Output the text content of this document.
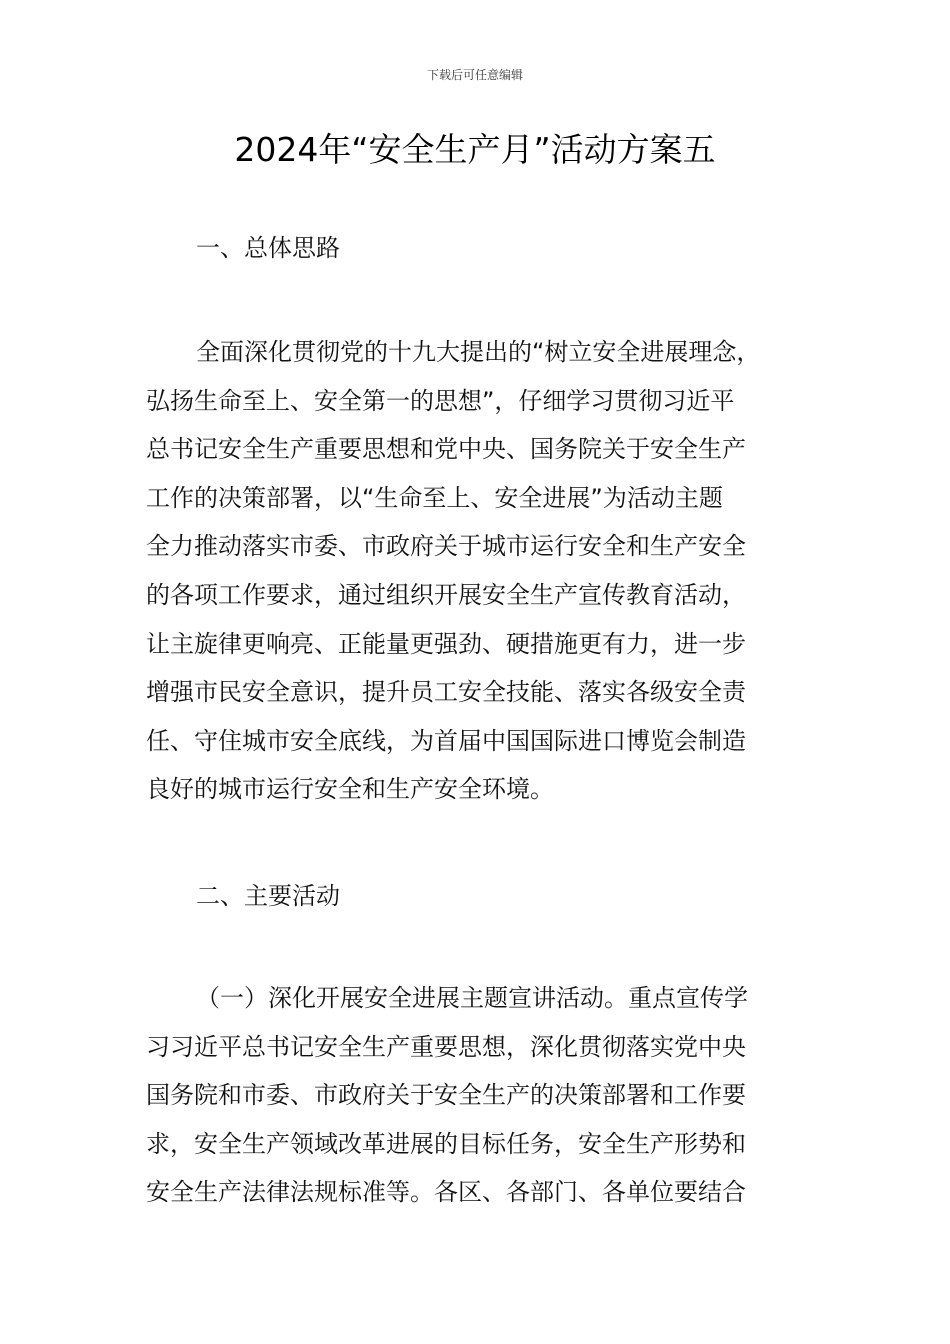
下载后可任意编辑
2024年“安全生产月”活动方案五
一、总体思路
全面深化贯彻党的十九大提出的“树立安全进展理念，
弘扬生命至上、安全第一的思想”，仔细学习贯彻习近平
总书记安全生产重要思想和党中央、国务院关于安全生产
工作的决策部署，以“生命至上、安全进展”为活动主题
全力推动落实市委、市政府关于城市运行安全和生产安全
的各项工作要求，通过组织开展安全生产宣传教育活动，
让主旋律更响亮、正能量更强劲、硬措施更有力，进一步
增强市民安全意识，提升员工安全技能、落实各级安全责
任、守住城市安全底线，为首届中国国际进口博览会制造
良好的城市运行安全和生产安全环境。
二、主要活动
（一）深化开展安全进展主题宣讲活动。重点宣传学
习习近平总书记安全生产重要思想，深化贯彻落实党中央
国务院和市委、市政府关于安全生产的决策部署和工作要
求，安全生产领域改革进展的目标任务，安全生产形势和
安全生产法律法规标准等。各区、各部门、各单位要结合
